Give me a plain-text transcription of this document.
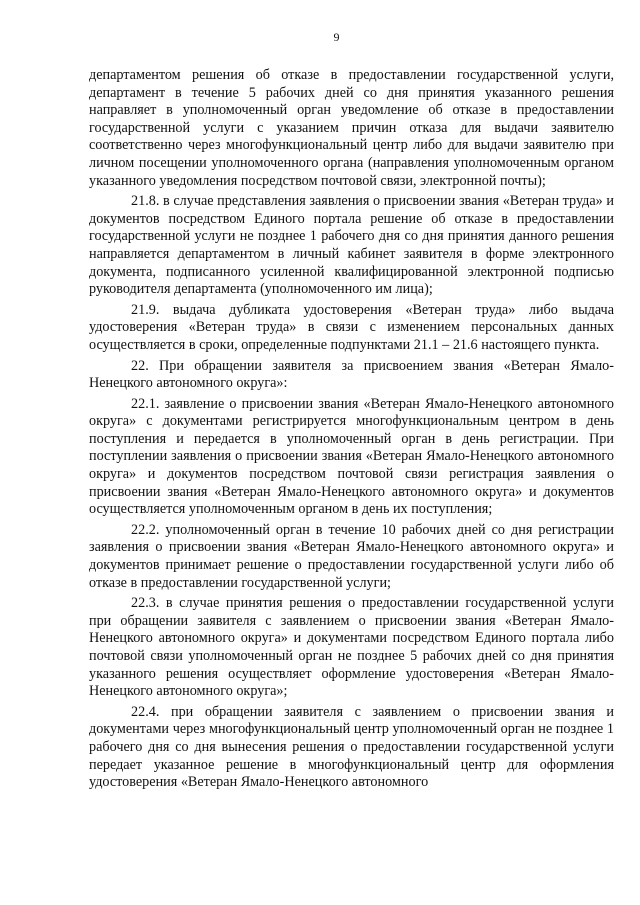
9

департаментом решения об отказе в предоставлении государственной услуги, департамент в течение 5 рабочих дней со дня принятия указанного решения направляет в уполномоченный орган уведомление об отказе в предоставлении государственной услуги с указанием причин отказа для выдачи заявителю соответственно через многофункциональный центр либо для выдачи заявителю при личном посещении уполномоченного органа (направления уполномоченным органом указанного уведомления посредством почтовой связи, электронной почты);

21.8. в случае представления заявления о присвоении звания «Ветеран труда» и документов посредством Единого портала решение об отказе в предоставлении государственной услуги не позднее 1 рабочего дня со дня принятия данного решения направляется департаментом в личный кабинет заявителя в форме электронного документа, подписанного усиленной квалифицированной электронной подписью руководителя департамента (уполномоченного им лица);

21.9. выдача дубликата удостоверения «Ветеран труда» либо выдача удостоверения «Ветеран труда» в связи с изменением персональных данных осуществляется в сроки, определенные подпунктами 21.1 – 21.6 настоящего пункта.

22. При обращении заявителя за присвоением звания «Ветеран Ямало-Ненецкого автономного округа»:

22.1. заявление о присвоении звания «Ветеран Ямало-Ненецкого автономного округа» с документами регистрируется многофункциональным центром в день поступления и передается в уполномоченный орган в день регистрации. При поступлении заявления о присвоении звания «Ветеран Ямало-Ненецкого автономного округа» и документов посредством почтовой связи регистрация заявления о присвоении звания «Ветеран Ямало-Ненецкого автономного округа» и документов осуществляется уполномоченным органом в день их поступления;

22.2. уполномоченный орган в течение 10 рабочих дней со дня регистрации заявления о присвоении звания «Ветеран Ямало-Ненецкого автономного округа» и документов принимает решение о предоставлении государственной услуги либо об отказе в предоставлении государственной услуги;

22.3. в случае принятия решения о предоставлении государственной услуги при обращении заявителя с заявлением о присвоении звания «Ветеран Ямало-Ненецкого автономного округа» и документами посредством Единого портала либо почтовой связи уполномоченный орган не позднее 5 рабочих дней со дня принятия указанного решения осуществляет оформление удостоверения «Ветеран Ямало-Ненецкого автономного округа»;

22.4. при обращении заявителя с заявлением о присвоении звания и документами через многофункциональный центр уполномоченный орган не позднее 1 рабочего дня со дня вынесения решения о предоставлении государственной услуги передает указанное решение в многофункциональный центр для оформления удостоверения «Ветеран Ямало-Ненецкого автономного
